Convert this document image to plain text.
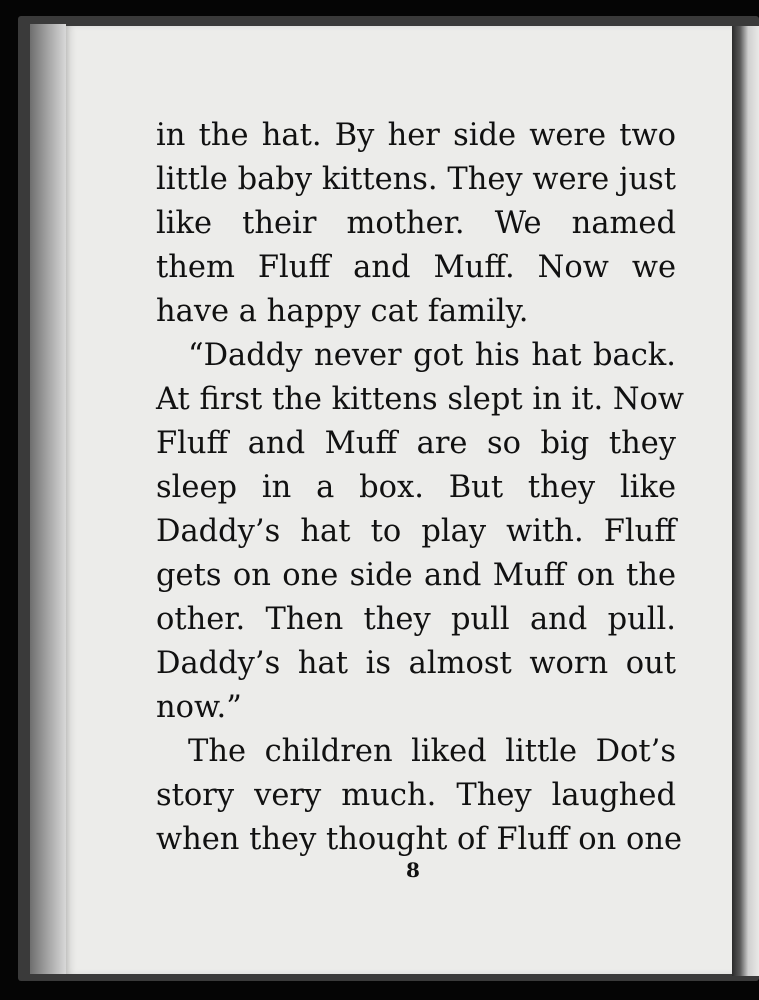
in the hat. By her side were two
little baby kittens. They were just
like their mother. We named
them Fluff and Muff. Now we
have a happy cat family.
“Daddy never got his hat back.
At first the kittens slept in it. Now
Fluff and Muff are so big they
sleep in a box. But they like
Daddy’s hat to play with. Fluff
gets on one side and Muff on the
other. Then they pull and pull.
Daddy’s hat is almost worn out
now.”
The children liked little Dot’s
story very much. They laughed
when they thought of Fluff on one
8
